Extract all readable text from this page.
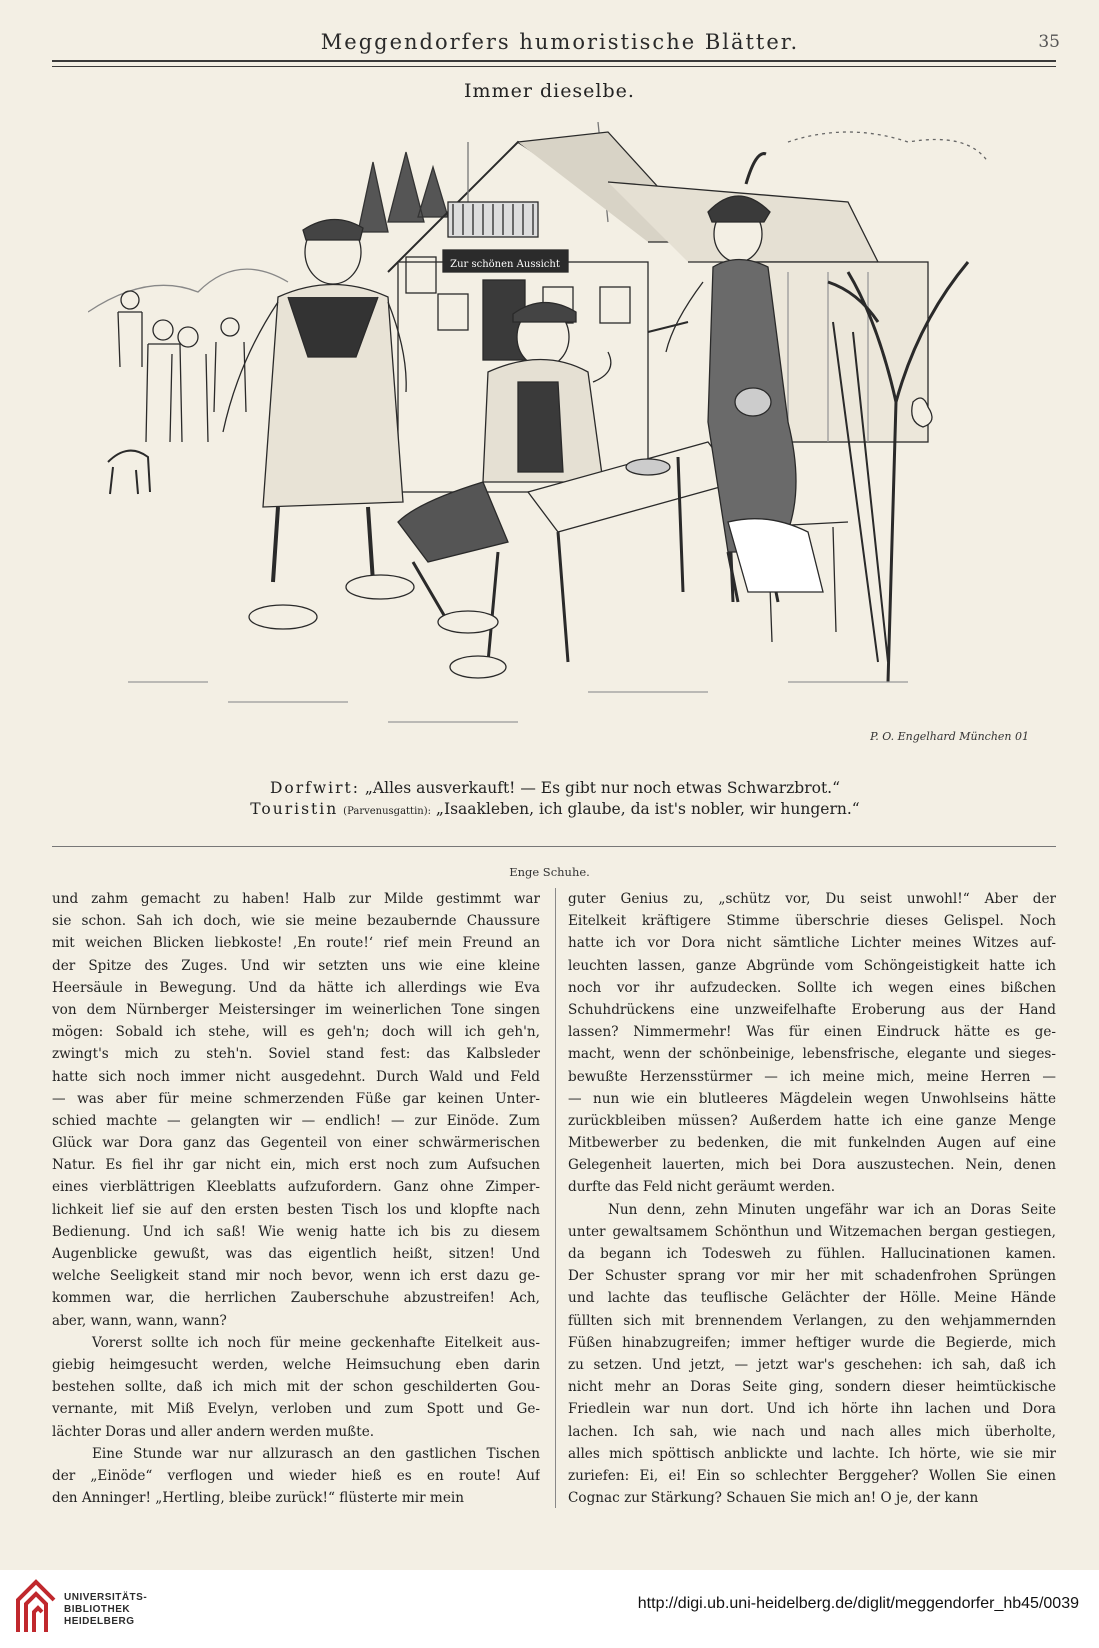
Meggendorfers humoristische Blätter.	35
Immer dieselbe.
Zur schönen Aussicht
P. O. Engelhard München 01
Dorfwirt: „Alles ausverkauft! — Es gibt nur noch etwas Schwarzbrot.“
Touristin (Parvenusgattin): „Isaakleben, ich glaube, da ist's nobler, wir hungern.“
Enge Schuhe.
und zahm gemacht zu haben! Halb zur Milde gestimmt war
sie schon. Sah ich doch, wie sie meine bezaubernde Chaussure
mit weichen Blicken liebkoste! ‚En route!‘ rief mein Freund an
der Spitze des Zuges. Und wir setzten uns wie eine kleine
Heersäule in Bewegung. Und da hätte ich allerdings wie Eva
von dem Nürnberger Meistersinger im weinerlichen Tone singen
mögen: Sobald ich stehe, will es geh'n; doch will ich geh'n,
zwingt's mich zu steh'n. Soviel stand fest: das Kalbsleder
hatte sich noch immer nicht ausgedehnt. Durch Wald und Feld
— was aber für meine schmerzenden Füße gar keinen Unter-
schied machte — gelangten wir — endlich! — zur Einöde. Zum
Glück war Dora ganz das Gegenteil von einer schwärmerischen
Natur. Es fiel ihr gar nicht ein, mich erst noch zum Aufsuchen
eines vierblättrigen Kleeblatts aufzufordern. Ganz ohne Zimper-
lichkeit lief sie auf den ersten besten Tisch los und klopfte nach
Bedienung. Und ich saß! Wie wenig hatte ich bis zu diesem
Augenblicke gewußt, was das eigentlich heißt, sitzen! Und
welche Seeligkeit stand mir noch bevor, wenn ich erst dazu ge-
kommen war, die herrlichen Zauberschuhe abzustreifen! Ach,
aber, wann, wann, wann?
Vorerst sollte ich noch für meine geckenhafte Eitelkeit aus-
giebig heimgesucht werden, welche Heimsuchung eben darin
bestehen sollte, daß ich mich mit der schon geschilderten Gou-
vernante, mit Miß Evelyn, verloben und zum Spott und Ge-
lächter Doras und aller andern werden mußte.
Eine Stunde war nur allzurasch an den gastlichen Tischen
der „Einöde“ verflogen und wieder hieß es en route! Auf
den Anninger! „Hertling, bleibe zurück!“ flüsterte mir mein
guter Genius zu, „schütz vor, Du seist unwohl!“ Aber der
Eitelkeit kräftigere Stimme überschrie dieses Gelispel. Noch
hatte ich vor Dora nicht sämtliche Lichter meines Witzes auf-
leuchten lassen, ganze Abgründe vom Schöngeistigkeit hatte ich
noch vor ihr aufzudecken. Sollte ich wegen eines bißchen
Schuhdrückens eine unzweifelhafte Eroberung aus der Hand
lassen? Nimmermehr! Was für einen Eindruck hätte es ge-
macht, wenn der schönbeinige, lebensfrische, elegante und sieges-
bewußte Herzensstürmer — ich meine mich, meine Herren —
— nun wie ein blutleeres Mägdelein wegen Unwohlseins hätte
zurückbleiben müssen? Außerdem hatte ich eine ganze Menge
Mitbewerber zu bedenken, die mit funkelnden Augen auf eine
Gelegenheit lauerten, mich bei Dora auszustechen. Nein, denen
durfte das Feld nicht geräumt werden.
Nun denn, zehn Minuten ungefähr war ich an Doras Seite
unter gewaltsamem Schönthun und Witzemachen bergan gestiegen,
da begann ich Todesweh zu fühlen. Hallucinationen kamen.
Der Schuster sprang vor mir her mit schadenfrohen Sprüngen
und lachte das teuflische Gelächter der Hölle. Meine Hände
füllten sich mit brennendem Verlangen, zu den wehjammernden
Füßen hinabzugreifen; immer heftiger wurde die Begierde, mich
zu setzen. Und jetzt, — jetzt war's geschehen: ich sah, daß ich
nicht mehr an Doras Seite ging, sondern dieser heimtückische
Friedlein war nun dort. Und ich hörte ihn lachen und Dora
lachen. Ich sah, wie nach und nach alles mich überholte,
alles mich spöttisch anblickte und lachte. Ich hörte, wie sie mir
zuriefen: Ei, ei! Ein so schlechter Berggeher? Wollen Sie einen
Cognac zur Stärkung? Schauen Sie mich an! O je, der kann
UNIVERSITÄTS-
BIBLIOTHEK
HEIDELBERG
http://digi.ub.uni-heidelberg.de/diglit/meggendorfer_hb45/0039
